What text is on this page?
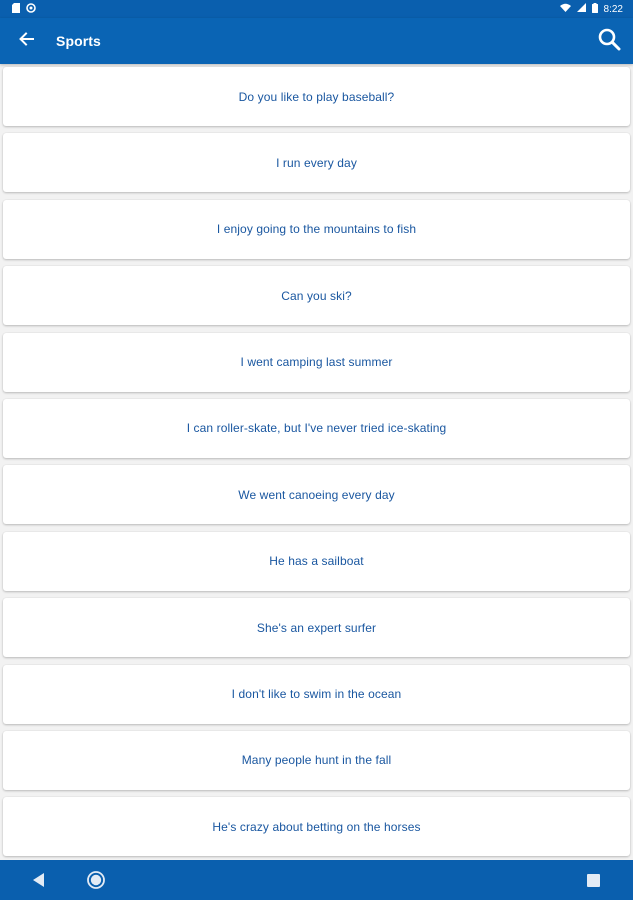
8:22
Sports
Do you like to play baseball?
I run every day
I enjoy going to the mountains to fish
Can you ski?
I went camping last summer
I can roller-skate, but I've never tried ice-skating
We went canoeing every day
He has a sailboat
She's an expert surfer
I don't like to swim in the ocean
Many people hunt in the fall
He's crazy about betting on the horses
